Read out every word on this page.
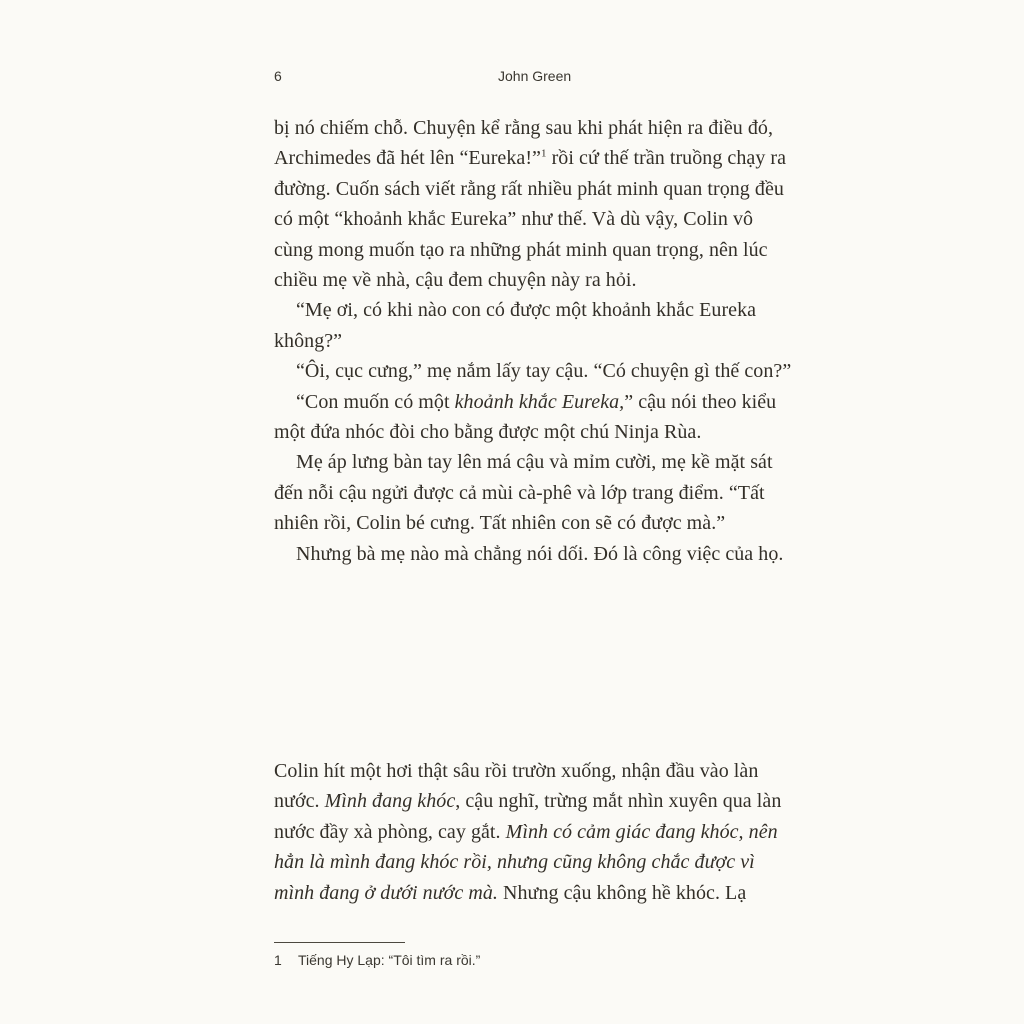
6	John Green

bị nó chiếm chỗ. Chuyện kể rằng sau khi phát hiện ra điều đó, Archimedes đã hét lên “Eureka!”$^1$ rồi cứ thế trần truồng chạy ra đường. Cuốn sách viết rằng rất nhiều phát minh quan trọng đều có một “khoảnh khắc Eureka” như thế. Và dù vậy, Colin vô cùng mong muốn tạo ra những phát minh quan trọng, nên lúc chiều mẹ về nhà, cậu đem chuyện này ra hỏi.

“Mẹ ơi, có khi nào con có được một khoảnh khắc Eureka không?”

“Ôi, cục cưng,” mẹ nắm lấy tay cậu. “Có chuyện gì thế con?”

“Con muốn có một khoảnh khắc Eureka,” cậu nói theo kiểu một đứa nhóc đòi cho bằng được một chú Ninja Rùa.

Mẹ áp lưng bàn tay lên má cậu và mỉm cười, mẹ kề mặt sát đến nỗi cậu ngửi được cả mùi cà-phê và lớp trang điểm. “Tất nhiên rồi, Colin bé cưng. Tất nhiên con sẽ có được mà.”

Nhưng bà mẹ nào mà chẳng nói dối. Đó là công việc của họ.

Colin hít một hơi thật sâu rồi trườn xuống, nhận đầu vào làn nước. Mình đang khóc, cậu nghĩ, trừng mắt nhìn xuyên qua làn nước đầy xà phòng, cay gắt. Mình có cảm giác đang khóc, nên hẳn là mình đang khóc rồi, nhưng cũng không chắc được vì mình đang ở dưới nước mà. Nhưng cậu không hề khóc. Lạ

1 Tiếng Hy Lạp: “Tôi tìm ra rồi.”
